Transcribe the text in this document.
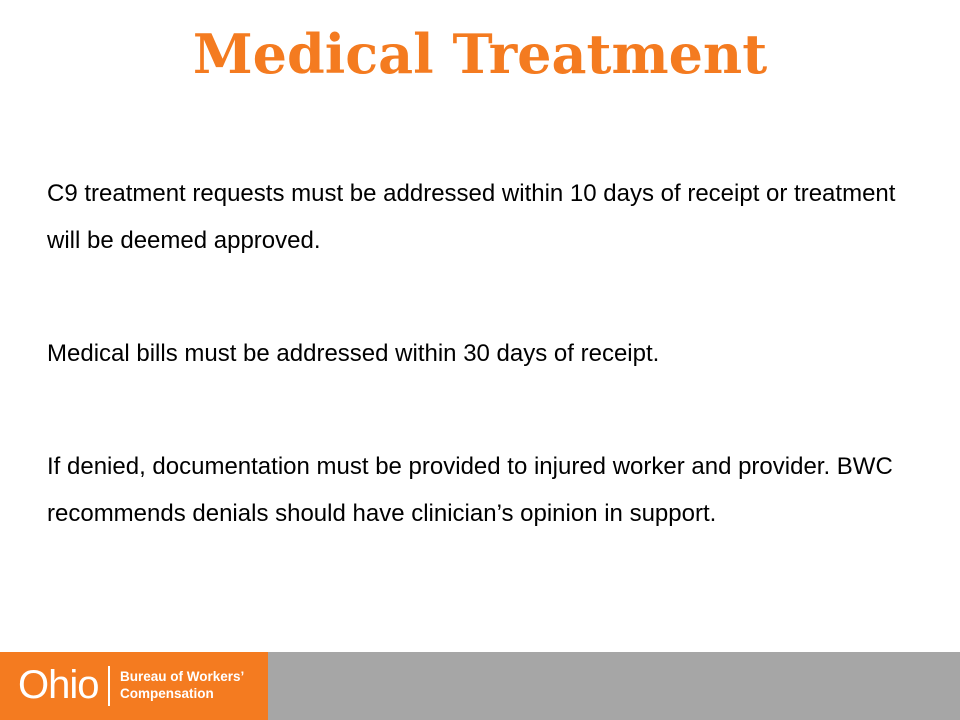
Medical Treatment

C9 treatment requests must be addressed within 10 days of receipt or treatment will be deemed approved.

Medical bills must be addressed within 30 days of receipt.

If denied, documentation must be provided to injured worker and provider. BWC recommends denials should have clinician’s opinion in support.

Ohio Bureau of Workers’
Compensation
